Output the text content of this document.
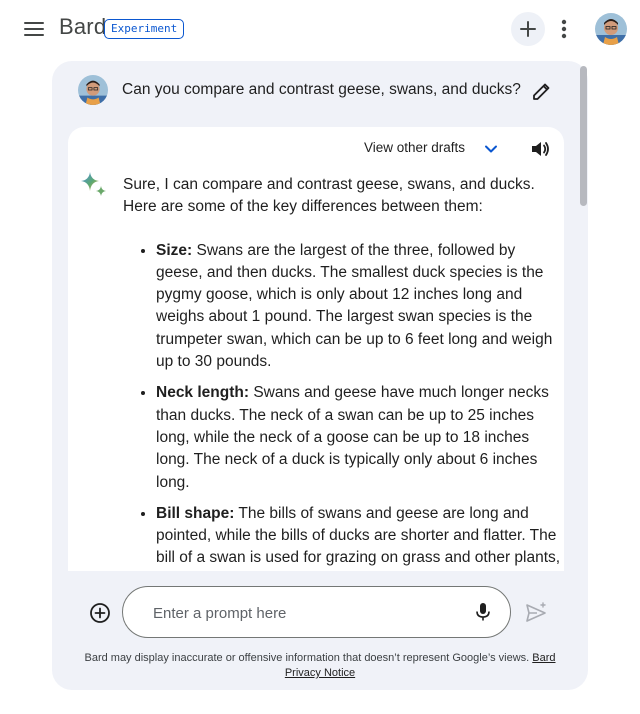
Bard Experiment
Can you compare and contrast geese, swans, and ducks?
View other drafts

Sure, I can compare and contrast geese, swans, and ducks. Here are some of the key differences between them:

• Size: Swans are the largest of the three, followed by geese, and then ducks. The smallest duck species is the pygmy goose, which is only about 12 inches long and weighs about 1 pound. The largest swan species is the trumpeter swan, which can be up to 6 feet long and weigh up to 30 pounds.
• Neck length: Swans and geese have much longer necks than ducks. The neck of a swan can be up to 25 inches long, while the neck of a goose can be up to 18 inches long. The neck of a duck is typically only about 6 inches long.
• Bill shape: The bills of swans and geese are long and pointed, while the bills of ducks are shorter and flatter. The bill of a swan is used for grazing on grass and other plants,
Enter a prompt here
Bard may display inaccurate or offensive information that doesn’t represent Google’s views. Bard
Privacy Notice
